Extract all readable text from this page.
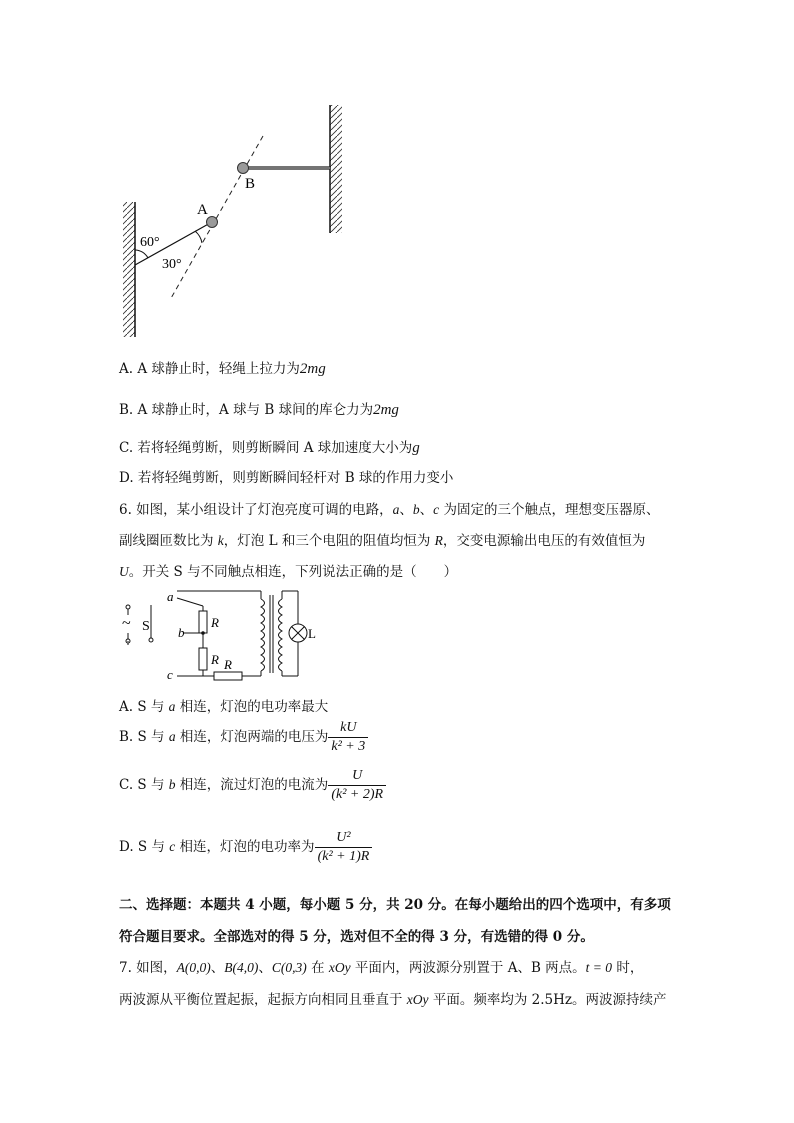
A
B
60°
30°
A. A 球静止时，轻绳上拉力为2mg
B. A 球静止时，A 球与 B 球间的库仑力为2mg
C. 若将轻绳剪断，则剪断瞬间 A 球加速度大小为g
D. 若将轻绳剪断，则剪断瞬间轻杆对 B 球的作用力变小
6. 如图，某小组设计了灯泡亮度可调的电路，a、b、c 为固定的三个触点，理想变压器原、
副线圈匝数比为 k，灯泡 L 和三个电阻的阻值均恒为 R，交变电源输出电压的有效值恒为
U。开关 S 与不同触点相连，下列说法正确的是（　　）
~ S
a
b
c
R
R R
L
A. S 与 a 相连，灯泡的电功率最大
B. S 与 a 相连，灯泡两端的电压为 $\frac{kU}{\text{k² + 3}}$
C. S 与 b 相连，流过灯泡的电流为 $\frac{U}{\text{(k² + 2)R}}$
D. S 与 c 相连，灯泡的电功率为 $\frac{\text{U²}}{\text{(k² + 1)R}}$
二、选择题：本题共 4 小题，每小题 5 分，共 20 分。在每小题给出的四个选项中，有多项
符合题目要求。全部选对的得 5 分，选对但不全的得 3 分，有选错的得 0 分。
7. 如图，A(0,0)、B(4,0)、C(0,3) 在 xOy 平面内，两波源分别置于 A、B 两点。t = 0 时，
两波源从平衡位置起振，起振方向相同且垂直于 xOy 平面。频率均为 2.5Hz。两波源持续产
